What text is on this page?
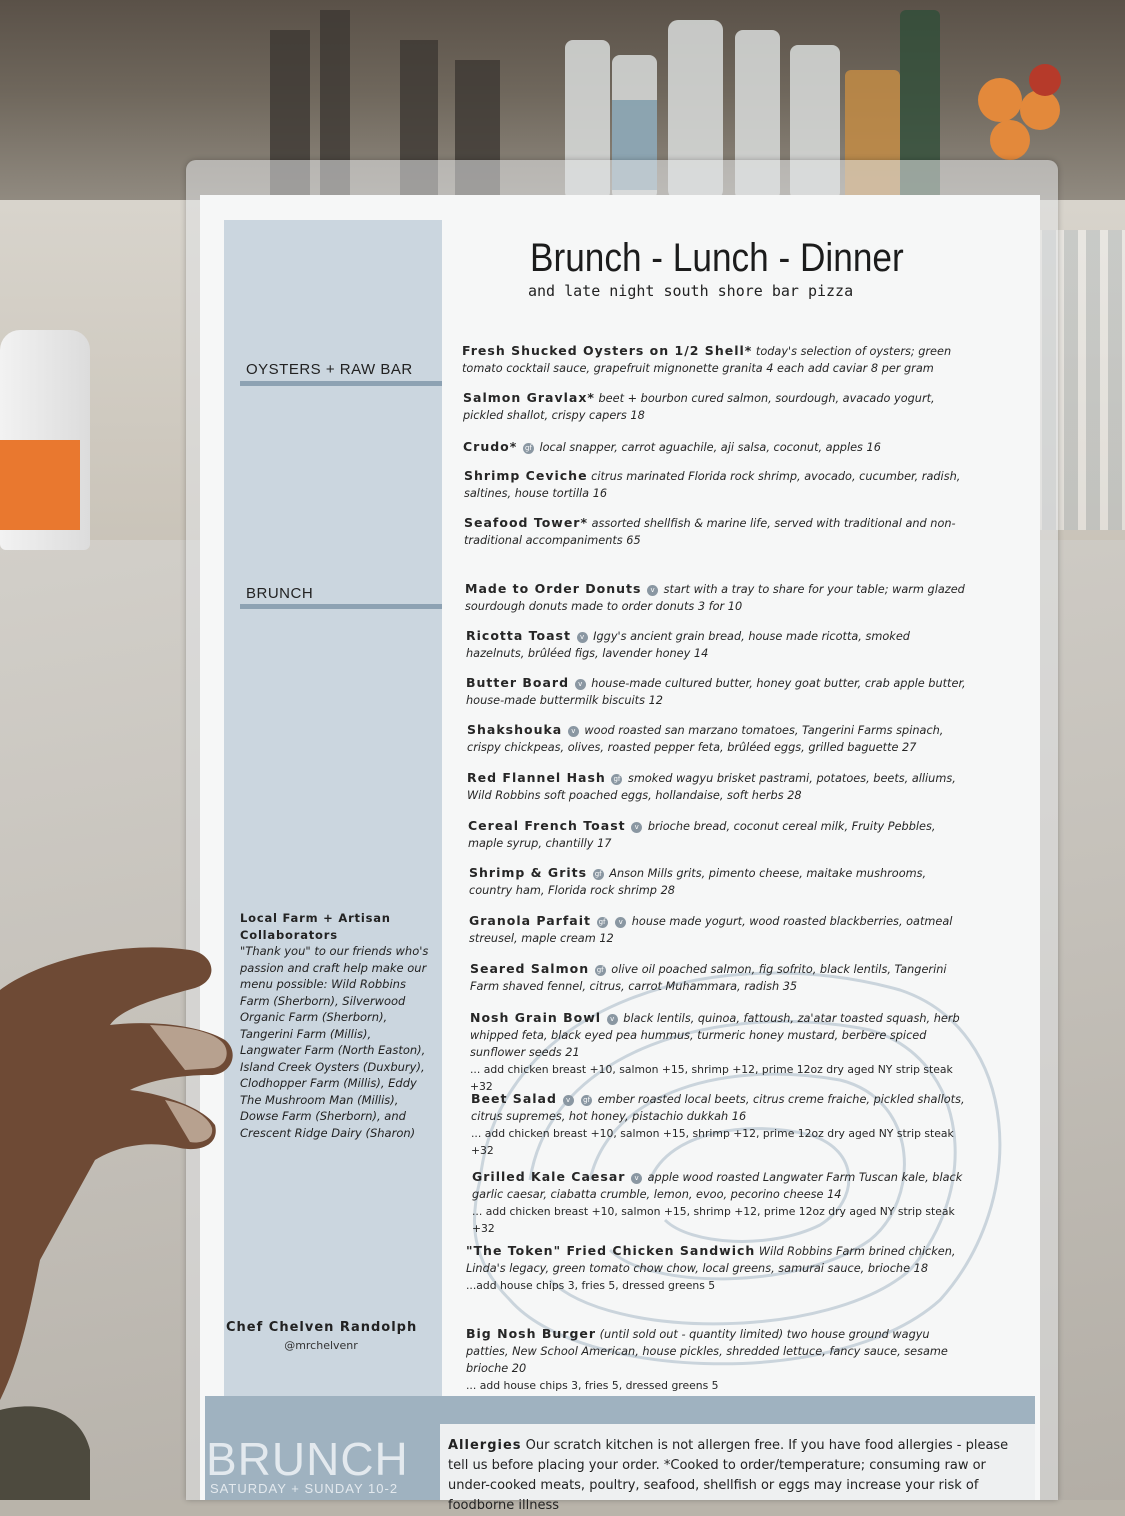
BRUNCH
SATURDAY + SUNDAY 10-2
Allergies Our scratch kitchen is not allergen free. If you have food allergies - please tell us before placing your order. *Cooked to order/temperature; consuming raw or under-cooked meats, poultry, seafood, shellfish or eggs may increase your risk of foodborne illness
Brunch - Lunch - Dinner
and late night south shore bar pizza
OYSTERS + RAW BAR
BRUNCH
Local Farm + Artisan Collaborators
"Thank you" to our friends who's passion and craft help make our menu possible: Wild Robbins Farm (Sherborn), Silverwood Organic Farm (Sherborn), Tangerini Farm (Millis), Langwater Farm (North Easton), Island Creek Oysters (Duxbury), Clodhopper Farm (Millis), Eddy The Mushroom Man (Millis), Dowse Farm (Sherborn), and Crescent Ridge Dairy (Sharon)
Chef Chelven Randolph
@mrchelvenr
Fresh Shucked Oysters on 1/2 Shell* today's selection of oysters; green tomato cocktail sauce, grapefruit mignonette granita 4 each add caviar 8 per gram
Salmon Gravlax* beet + bourbon cured salmon, sourdough, avacado yogurt, pickled shallot, crispy capers 18
Crudo* gf local snapper, carrot aguachile, aji salsa, coconut, apples 16
Shrimp Ceviche citrus marinated Florida rock shrimp, avocado, cucumber, radish, saltines, house tortilla 16
Seafood Tower* assorted shellfish & marine life, served with traditional and non-traditional accompaniments 65
Made to Order Donuts v start with a tray to share for your table; warm glazed sourdough donuts made to order donuts 3 for 10
Ricotta Toast v Iggy's ancient grain bread, house made ricotta, smoked hazelnuts, brûléed figs, lavender honey 14
Butter Board v house-made cultured butter, honey goat butter, crab apple butter, house-made buttermilk biscuits 12
Shakshouka v wood roasted san marzano tomatoes, Tangerini Farms spinach, crispy chickpeas, olives, roasted pepper feta, brûléed eggs, grilled baguette 27
Red Flannel Hash gf smoked wagyu brisket pastrami, potatoes, beets, alliums, Wild Robbins soft poached eggs, hollandaise, soft herbs 28
Cereal French Toast v brioche bread, coconut cereal milk, Fruity Pebbles, maple syrup, chantilly 17
Shrimp & Grits gf Anson Mills grits, pimento cheese, maitake mushrooms, country ham, Florida rock shrimp 28
Granola Parfait gf v house made yogurt, wood roasted blackberries, oatmeal streusel, maple cream 12
Seared Salmon gf olive oil poached salmon, fig sofrito, black lentils, Tangerini Farm shaved fennel, citrus, carrot Muhammara, radish 35
Nosh Grain Bowl v black lentils, quinoa, fattoush, za'atar toasted squash, herb whipped feta, black eyed pea hummus, turmeric honey mustard, berbere spiced sunflower seeds 21
... add chicken breast +10, salmon +15, shrimp +12, prime 12oz dry aged NY strip steak +32
Beet Salad v gf ember roasted local beets, citrus creme fraiche, pickled shallots, citrus supremes, hot honey, pistachio dukkah 16
... add chicken breast +10, salmon +15, shrimp +12, prime 12oz dry aged NY strip steak +32
Grilled Kale Caesar v apple wood roasted Langwater Farm Tuscan kale, black garlic caesar, ciabatta crumble, lemon, evoo, pecorino cheese 14
... add chicken breast +10, salmon +15, shrimp +12, prime 12oz dry aged NY strip steak +32
"The Token" Fried Chicken Sandwich Wild Robbins Farm brined chicken, Linda's legacy, green tomato chow chow, local greens, samurai sauce, brioche 18
...add house chips 3, fries 5, dressed greens 5
Big Nosh Burger (until sold out - quantity limited) two house ground wagyu patties, New School American, house pickles, shredded lettuce, fancy sauce, sesame brioche 20
... add house chips 3, fries 5, dressed greens 5
